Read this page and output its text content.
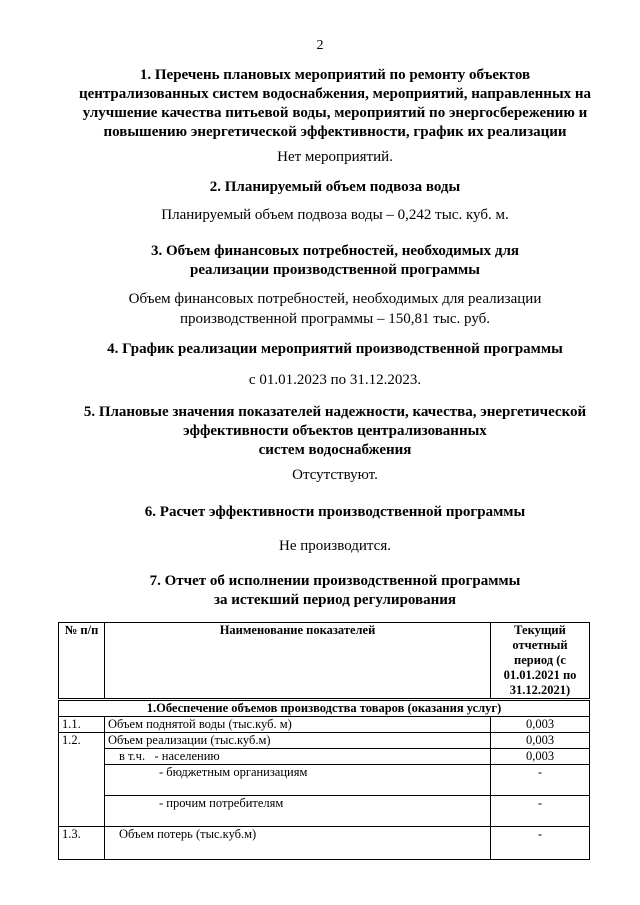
2
1. Перечень плановых мероприятий по ремонту объектов
централизованных систем водоснабжения, мероприятий, направленных на
улучшение качества питьевой воды, мероприятий по энергосбережению и
повышению энергетической эффективности, график их реализации
Нет мероприятий.
2. Планируемый объем подвоза воды
Планируемый объем подвоза воды – 0,242 тыс. куб. м.
3. Объем финансовых потребностей, необходимых для
реализации производственной программы
Объем финансовых потребностей, необходимых для реализации
производственной программы – 150,81 тыс. руб.
4. График реализации мероприятий производственной программы
с 01.01.2023 по 31.12.2023.
5. Плановые значения показателей надежности, качества, энергетической
эффективности объектов централизованных
систем водоснабжения
Отсутствуют.
6. Расчет эффективности производственной программы
Не производится.
7. Отчет об исполнении производственной программы
за истекший период регулирования
№ п/п	Наименование показателей	Текущий отчетный период (с 01.01.2021 по 31.12.2021)
1.Обеспечение объемов производства товаров (оказания услуг)		
1.1.	Объем поднятой воды (тыс.куб. м)	0,003
1.2.	Объем реализации (тыс.куб.м)	0,003
	в т.ч. - населению	0,003
	- бюджетным организациям	-
	- прочим потребителям	-
1.3.	Объем потерь (тыс.куб.м)	-
